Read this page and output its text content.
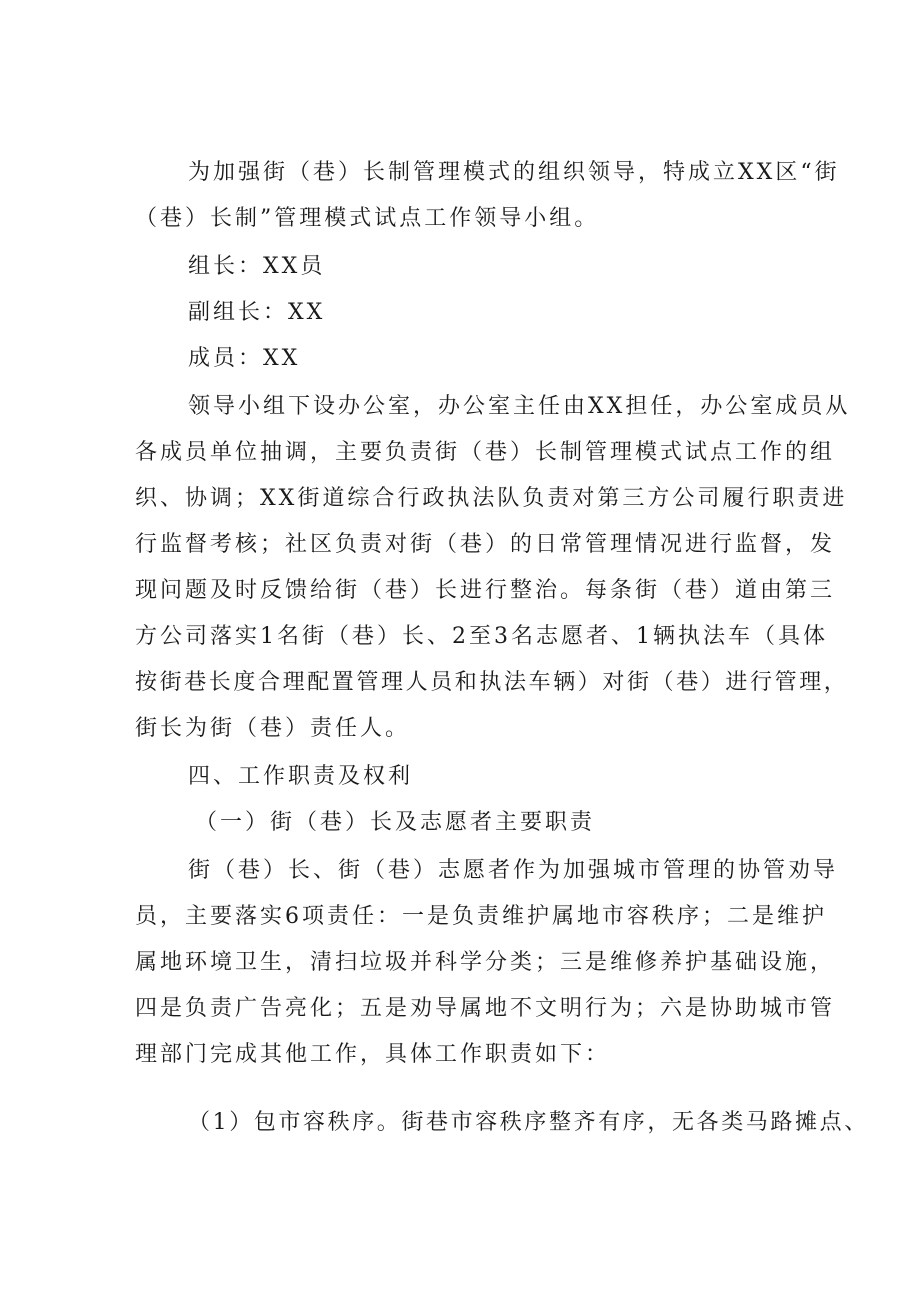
为加强街（巷）长制管理模式的组织领导，特成立XX区“街
（巷）长制”管理模式试点工作领导小组。
组长：XX员
副组长：XX
成员：XX
领导小组下设办公室，办公室主任由XX担任，办公室成员从
各成员单位抽调，主要负责街（巷）长制管理模式试点工作的组
织、协调；XX街道综合行政执法队负责对第三方公司履行职责进
行监督考核；社区负责对街（巷）的日常管理情况进行监督，发
现问题及时反馈给街（巷）长进行整治。每条街（巷）道由第三
方公司落实1名街（巷）长、2至3名志愿者、1辆执法车（具体
按街巷长度合理配置管理人员和执法车辆）对街（巷）进行管理，
街长为街（巷）责任人。
四、工作职责及权利
（一）街（巷）长及志愿者主要职责
街（巷）长、街（巷）志愿者作为加强城市管理的协管劝导
员，主要落实6项责任：一是负责维护属地市容秩序；二是维护
属地环境卫生，清扫垃圾并科学分类；三是维修养护基础设施，
四是负责广告亮化；五是劝导属地不文明行为；六是协助城市管
理部门完成其他工作，具体工作职责如下：
（1）包市容秩序。街巷市容秩序整齐有序，无各类马路摊点、
